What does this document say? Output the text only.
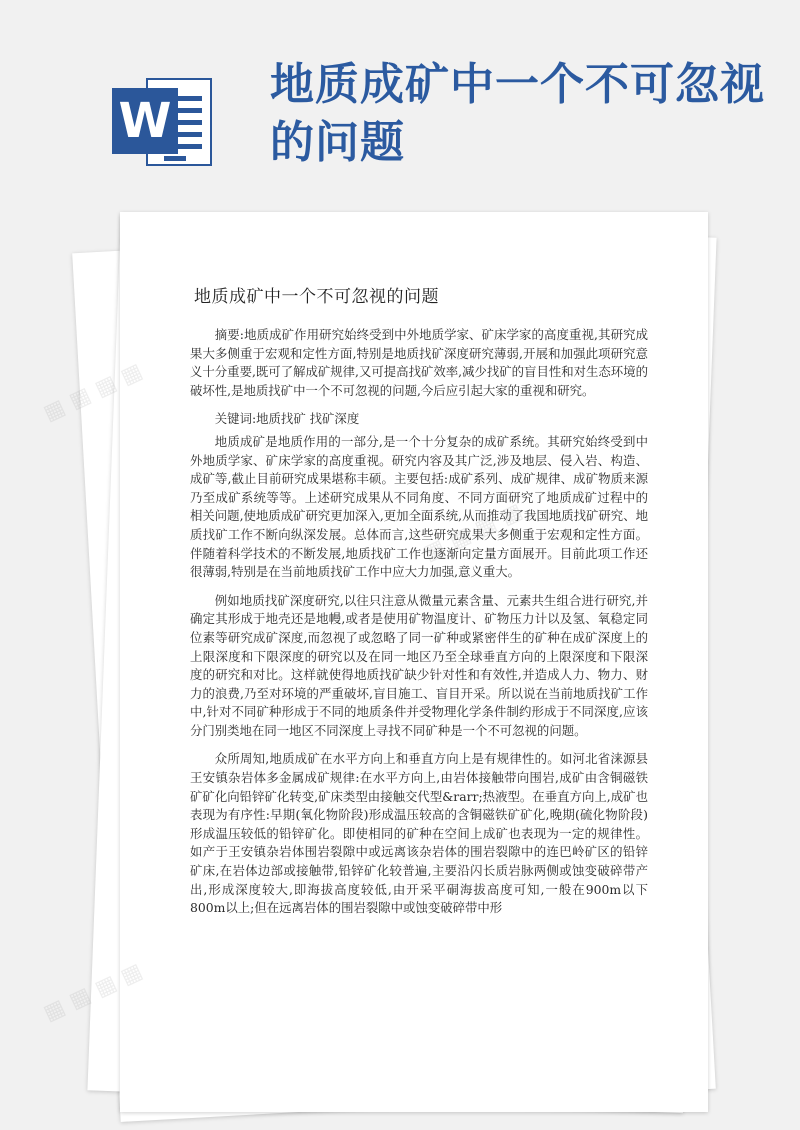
W
地质成矿中一个不可忽视的问题
地质成矿中一个不可忽视的问题

摘要:地质成矿作用研究始终受到中外地质学家、矿床学家的高度重视,其研究成果大多侧重于宏观和定性方面,特别是地质找矿深度研究薄弱,开展和加强此项研究意义十分重要,既可了解成矿规律,又可提高找矿效率,减少找矿的盲目性和对生态环境的破坏性,是地质找矿中一个不可忽视的问题,今后应引起大家的重视和研究。

关键词:地质找矿 找矿深度

地质成矿是地质作用的一部分,是一个十分复杂的成矿系统。其研究始终受到中外地质学家、矿床学家的高度重视。研究内容及其广泛,涉及地层、侵入岩、构造、成矿等,截止目前研究成果堪称丰硕。主要包括:成矿系列、成矿规律、成矿物质来源乃至成矿系统等等。上述研究成果从不同角度、不同方面研究了地质成矿过程中的相关问题,使地质成矿研究更加深入,更加全面系统,从而推动了我国地质找矿研究、地质找矿工作不断向纵深发展。总体而言,这些研究成果大多侧重于宏观和定性方面。伴随着科学技术的不断发展,地质找矿工作也逐渐向定量方面展开。目前此项工作还很薄弱,特别是在当前地质找矿工作中应大力加强,意义重大。

例如地质找矿深度研究,以往只注意从微量元素含量、元素共生组合进行研究,并确定其形成于地壳还是地幔,或者是使用矿物温度计、矿物压力计以及氢、氧稳定同位素等研究成矿深度,而忽视了或忽略了同一矿种或紧密伴生的矿种在成矿深度上的上限深度和下限深度的研究以及在同一地区乃至全球垂直方向的上限深度和下限深度的研究和对比。这样就使得地质找矿缺少针对性和有效性,并造成人力、物力、财力的浪费,乃至对环境的严重破坏,盲目施工、盲目开采。所以说在当前地质找矿工作中,针对不同矿种形成于不同的地质条件并受物理化学条件制约形成于不同深度,应该分门别类地在同一地区不同深度上寻找不同矿种是一个不可忽视的问题。

众所周知,地质成矿在水平方向上和垂直方向上是有规律性的。如河北省涞源县王安镇杂岩体多金属成矿规律:在水平方向上,由岩体接触带向围岩,成矿由含铜磁铁矿矿化向铅锌矿化转变,矿床类型由接触交代型&rarr;热液型。在垂直方向上,成矿也表现为有序性:早期(氧化物阶段)形成温压较高的含铜磁铁矿矿化,晚期(硫化物阶段)形成温压较低的铅锌矿化。即使相同的矿种在空间上成矿也表现为一定的规律性。如产于王安镇杂岩体围岩裂隙中或远离该杂岩体的围岩裂隙中的连巴岭矿区的铅锌矿床,在岩体边部或接触带,铅锌矿化较普遍,主要沿闪长质岩脉两侧或蚀变破碎带产出,形成深度较大,即海拔高度较低,由开采平硐海拔高度可知,一般在900m以下800m以上;但在远离岩体的围岩裂隙中或蚀变破碎带中形

▦
▦ ▦
